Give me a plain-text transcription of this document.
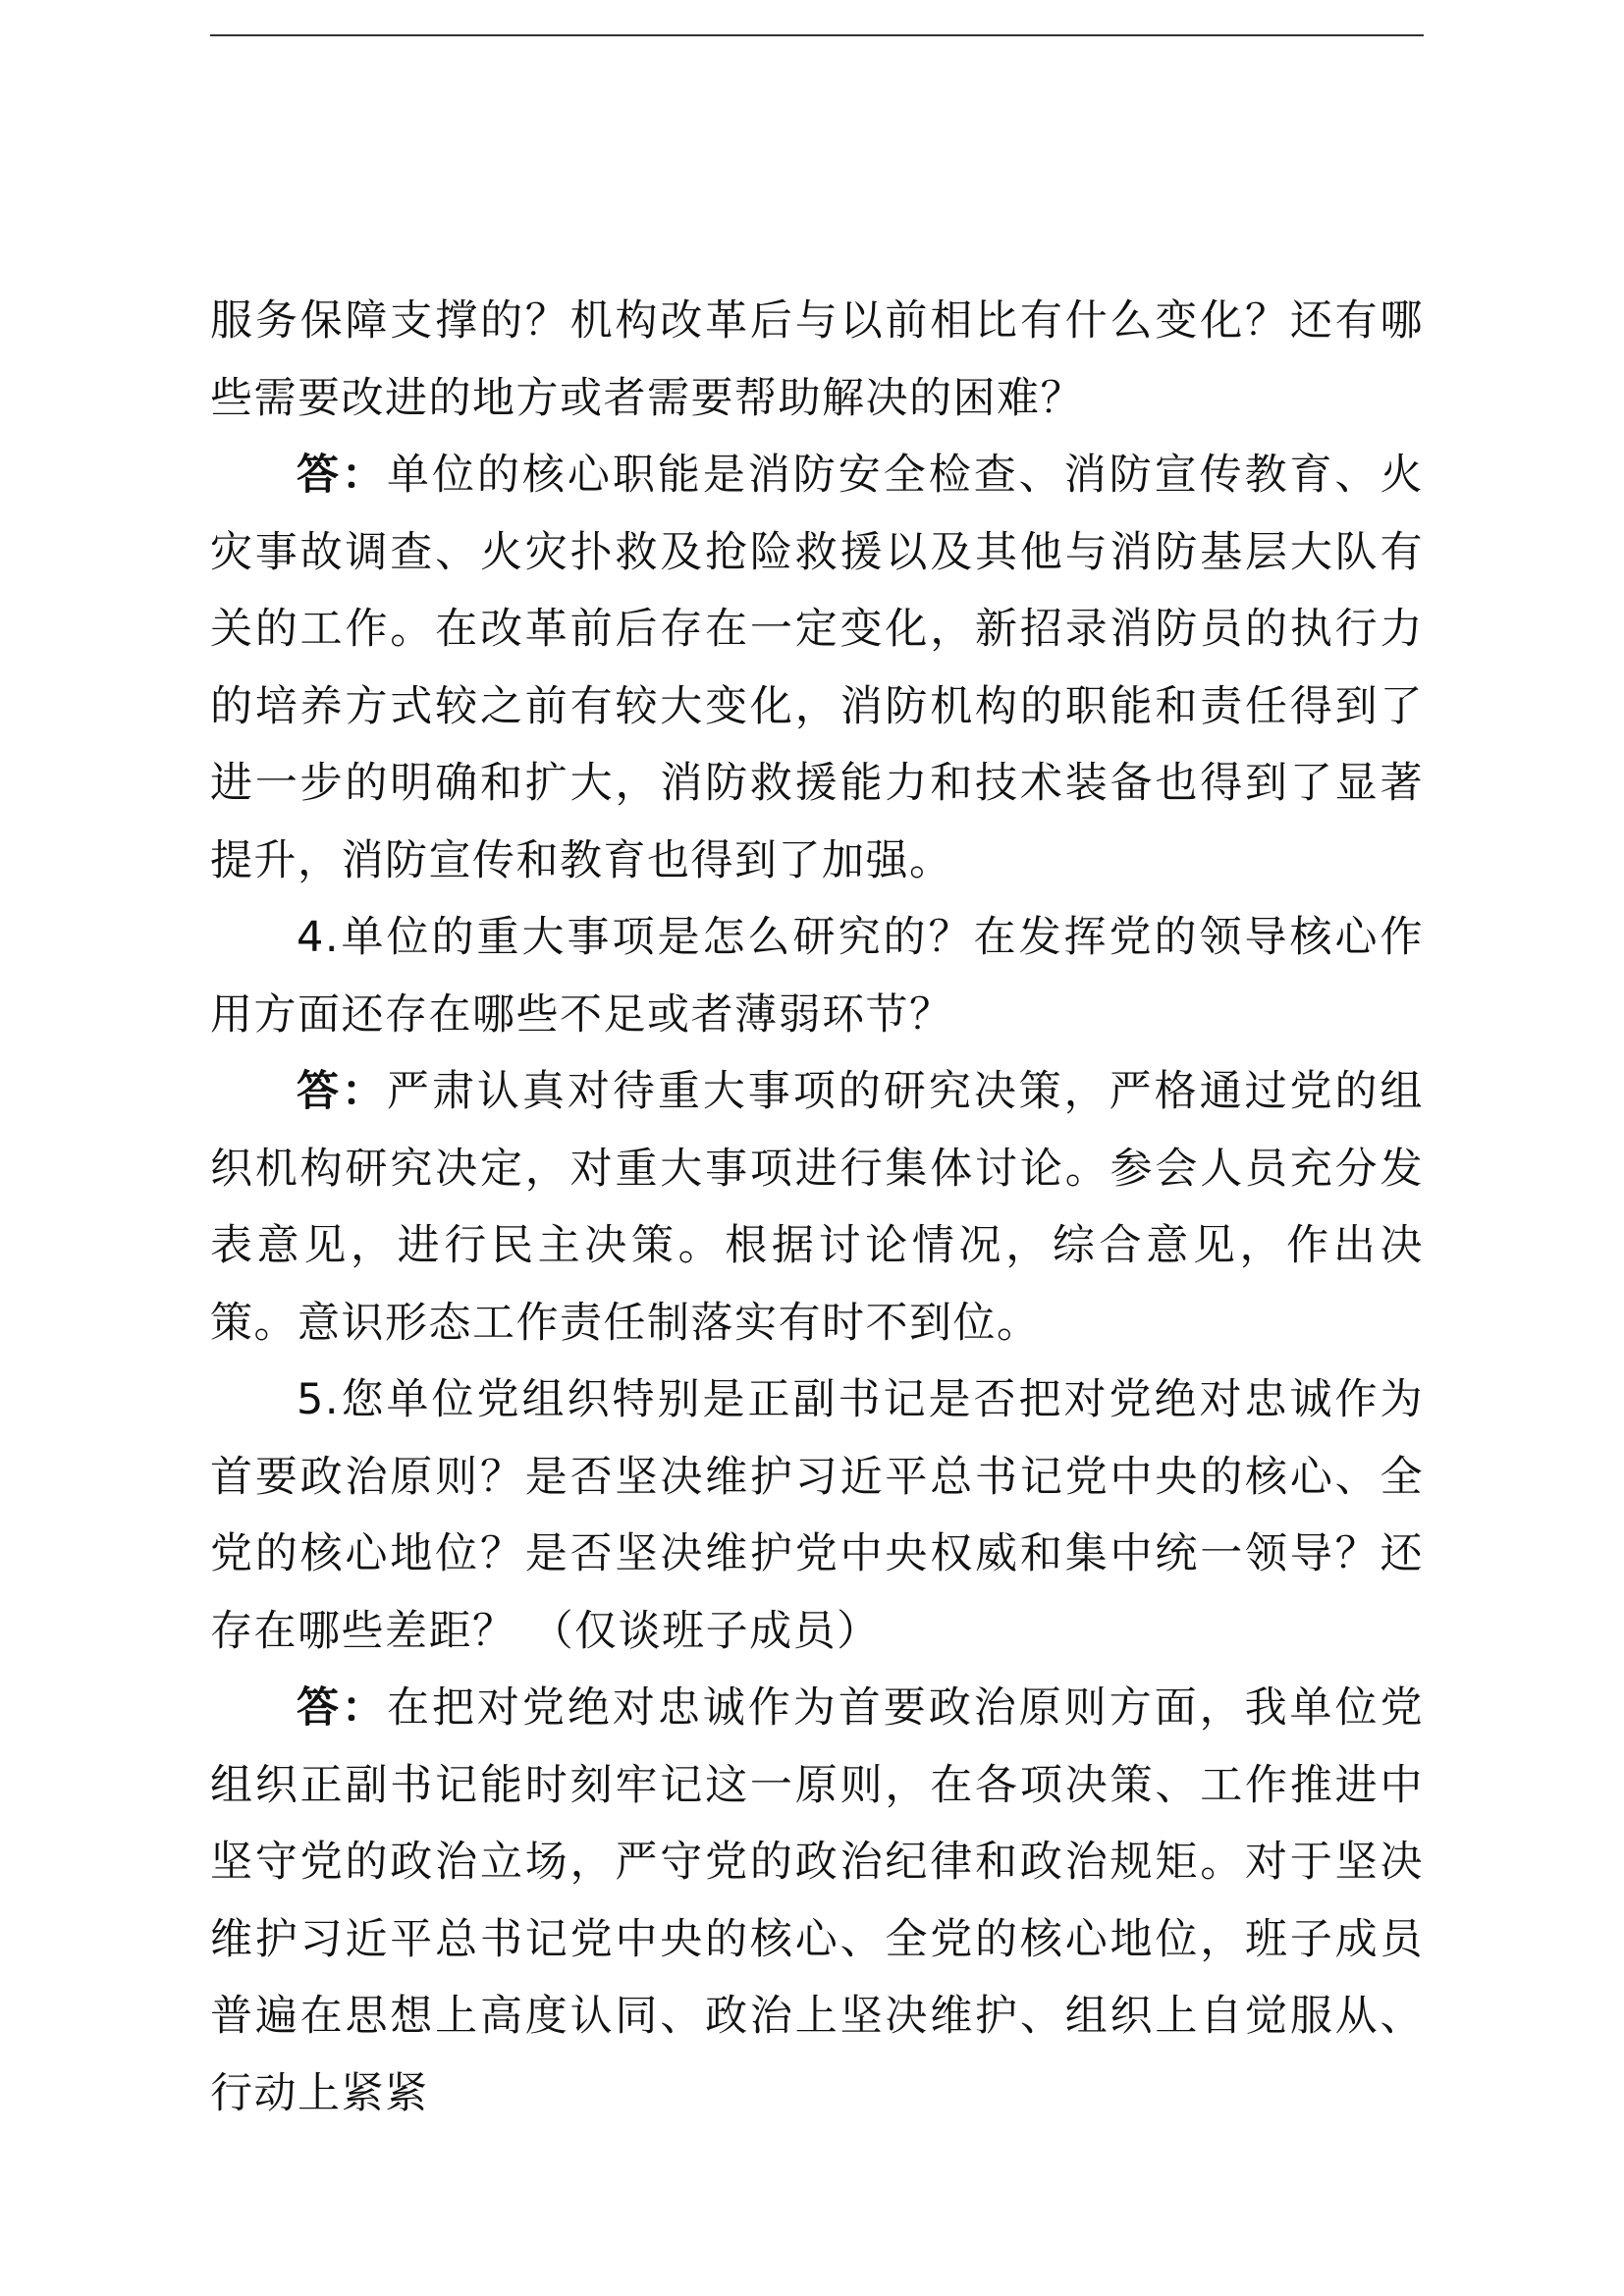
服务保障支撑的？机构改革后与以前相比有什么变化？还有哪些需要改进的地方或者需要帮助解决的困难？

答：单位的核心职能是消防安全检查、消防宣传教育、火灾事故调查、火灾扑救及抢险救援以及其他与消防基层大队有关的工作。在改革前后存在一定变化，新招录消防员的执行力的培养方式较之前有较大变化，消防机构的职能和责任得到了进一步的明确和扩大，消防救援能力和技术装备也得到了显著提升，消防宣传和教育也得到了加强。

4.单位的重大事项是怎么研究的？在发挥党的领导核心作用方面还存在哪些不足或者薄弱环节？

答：严肃认真对待重大事项的研究决策，严格通过党的组织机构研究决定，对重大事项进行集体讨论。参会人员充分发表意见，进行民主决策。根据讨论情况，综合意见，作出决策。意识形态工作责任制落实有时不到位。

5.您单位党组织特别是正副书记是否把对党绝对忠诚作为首要政治原则？是否坚决维护习近平总书记党中央的核心、全党的核心地位？是否坚决维护党中央权威和集中统一领导？还存在哪些差距？ （仅谈班子成员）

答：在把对党绝对忠诚作为首要政治原则方面，我单位党组织正副书记能时刻牢记这一原则，在各项决策、工作推进中坚守党的政治立场，严守党的政治纪律和政治规矩。对于坚决维护习近平总书记党中央的核心、全党的核心地位，班子成员普遍在思想上高度认同、政治上坚决维护、组织上自觉服从、行动上紧紧
